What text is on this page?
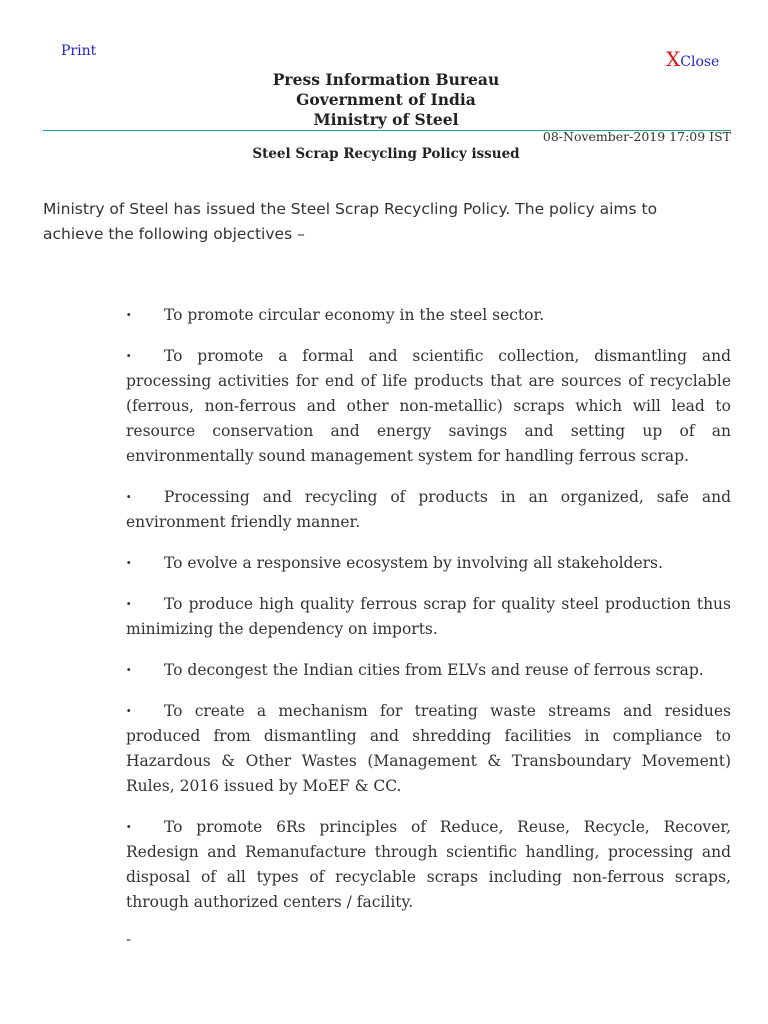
Print	XClose
Press Information Bureau
Government of India
Ministry of Steel
08-November-2019 17:09 IST
Steel Scrap Recycling Policy issued
Ministry of Steel has issued the Steel Scrap Recycling Policy. The policy aims to achieve the following objectives –
· To promote circular economy in the steel sector.
· To promote a formal and scientific collection, dismantling and processing activities for end of life products that are sources of recyclable (ferrous, non-ferrous and other non-metallic) scraps which will lead to resource conservation and energy savings and setting up of an environmentally sound management system for handling ferrous scrap.
· Processing and recycling of products in an organized, safe and environment friendly manner.
· To evolve a responsive ecosystem by involving all stakeholders.
· To produce high quality ferrous scrap for quality steel production thus minimizing the dependency on imports.
· To decongest the Indian cities from ELVs and reuse of ferrous scrap.
· To create a mechanism for treating waste streams and residues produced from dismantling and shredding facilities in compliance to Hazardous & Other Wastes (Management & Transboundary Movement) Rules, 2016 issued by MoEF & CC.
· To promote 6Rs principles of Reduce, Reuse, Recycle, Recover, Redesign and Remanufacture through scientific handling, processing and disposal of all types of recyclable scraps including non-ferrous scraps, through authorized centers / facility.
-
